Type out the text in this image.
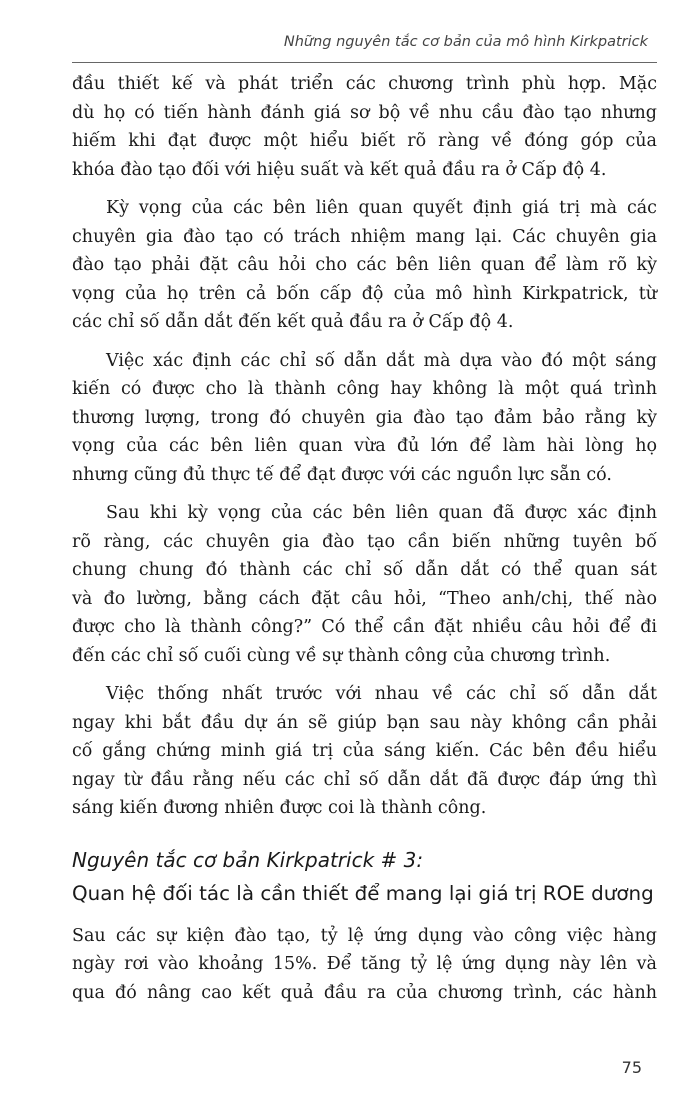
Những nguyên tắc cơ bản của mô hình Kirkpatrick
đầu thiết kế và phát triển các chương trình phù hợp. Mặc
dù họ có tiến hành đánh giá sơ bộ về nhu cầu đào tạo nhưng
hiếm khi đạt được một hiểu biết rõ ràng về đóng góp của
khóa đào tạo đối với hiệu suất và kết quả đầu ra ở Cấp độ 4.
Kỳ vọng của các bên liên quan quyết định giá trị mà các
chuyên gia đào tạo có trách nhiệm mang lại. Các chuyên gia
đào tạo phải đặt câu hỏi cho các bên liên quan để làm rõ kỳ
vọng của họ trên cả bốn cấp độ của mô hình Kirkpatrick, từ
các chỉ số dẫn dắt đến kết quả đầu ra ở Cấp độ 4.
Việc xác định các chỉ số dẫn dắt mà dựa vào đó một sáng
kiến có được cho là thành công hay không là một quá trình
thương lượng, trong đó chuyên gia đào tạo đảm bảo rằng kỳ
vọng của các bên liên quan vừa đủ lớn để làm hài lòng họ
nhưng cũng đủ thực tế để đạt được với các nguồn lực sẵn có.
Sau khi kỳ vọng của các bên liên quan đã được xác định
rõ ràng, các chuyên gia đào tạo cần biến những tuyên bố
chung chung đó thành các chỉ số dẫn dắt có thể quan sát
và đo lường, bằng cách đặt câu hỏi, “Theo anh/chị, thế nào
được cho là thành công?” Có thể cần đặt nhiều câu hỏi để đi
đến các chỉ số cuối cùng về sự thành công của chương trình.
Việc thống nhất trước với nhau về các chỉ số dẫn dắt
ngay khi bắt đầu dự án sẽ giúp bạn sau này không cần phải
cố gắng chứng minh giá trị của sáng kiến. Các bên đều hiểu
ngay từ đầu rằng nếu các chỉ số dẫn dắt đã được đáp ứng thì
sáng kiến đương nhiên được coi là thành công.
Nguyên tắc cơ bản Kirkpatrick # 3:
Quan hệ đối tác là cần thiết để mang lại giá trị ROE dương
Sau các sự kiện đào tạo, tỷ lệ ứng dụng vào công việc hàng
ngày rơi vào khoảng 15%. Để tăng tỷ lệ ứng dụng này lên và
qua đó nâng cao kết quả đầu ra của chương trình, các hành
75
